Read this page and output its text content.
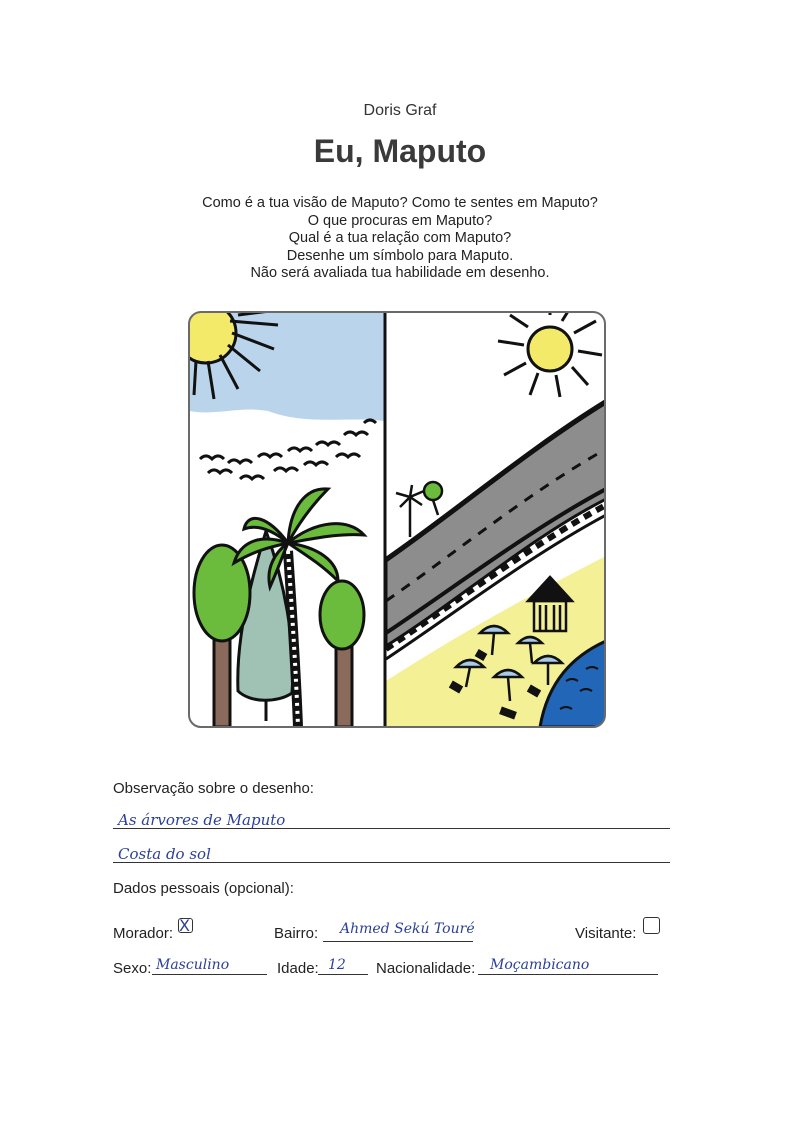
Doris Graf
Eu, Maputo
Como é a tua visão de Maputo? Como te sentes em Maputo?
O que procuras em Maputo?
Qual é a tua relação com Maputo?
Desenhe um símbolo para Maputo.
Não será avaliada tua habilidade em desenho.
Observação sobre o desenho:
As árvores de Maputo
Costa do sol
Dados pessoais (opcional):
Morador: X	Bairro: Ahmed Sekú Touré	Visitante:
Sexo: Masculino	Idade: 12 Nacionalidade: Moçambicano
